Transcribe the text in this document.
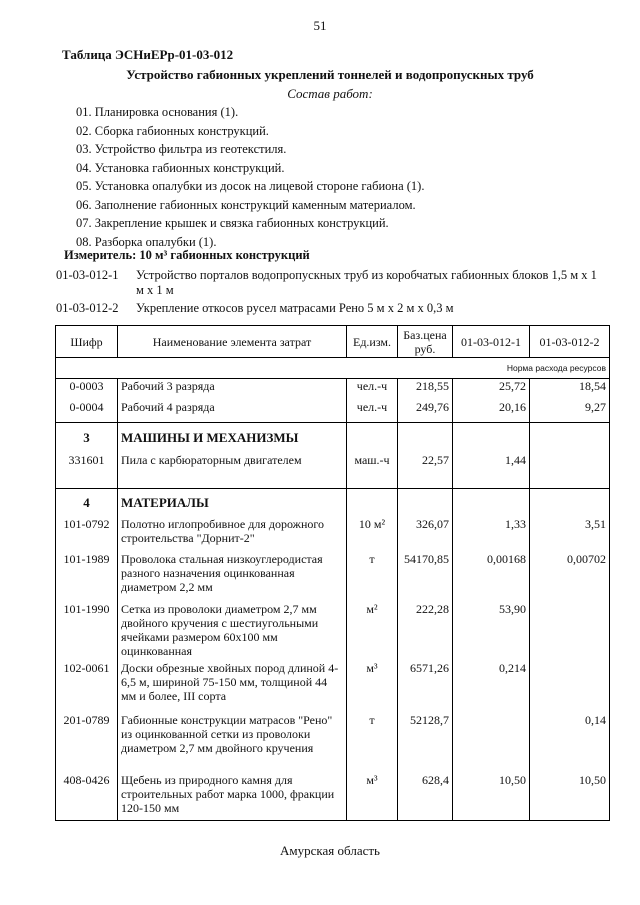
51
Таблица ЭСНиЕРр-01-03-012
Устройство габионных укреплений тоннелей и водопропускных труб
Состав работ:
01. Планировка основания (1).
02. Сборка габионных конструкций.
03. Устройство фильтра из геотекстиля.
04. Установка габионных конструкций.
05. Установка опалубки из досок на лицевой стороне габиона (1).
06. Заполнение габионных конструкций каменным материалом.
07. Закрепление крышек и связка габионных конструкций.
08. Разборка опалубки (1).
Измеритель: 10 м³ габионных конструкций
01-03-012-1 Устройство порталов водопропускных труб из коробчатых габионных блоков 1,5 м х 1 м х 1 м
01-03-012-2 Укрепление откосов русел матрасами Рено 5 м х 2 м х 0,3 м
Шифр	Наименование элемента затрат	Ед.изм.	Баз.цена руб.	01-03-012-1	01-03-012-2
Норма расхода ресурсов					
0-0003	Рабочий 3 разряда	чел.-ч	218,55	25,72	18,54
0-0004	Рабочий 4 разряда	чел.-ч	249,76	20,16	9,27
3	МАШИНЫ И МЕХАНИЗМЫ				
331601	Пила с карбюраторным двигателем	маш.-ч	22,57	1,44	
4	МАТЕРИАЛЫ				
101-0792	Полотно иглопробивное для дорожного строительства "Дорнит-2"	10 м²	326,07	1,33	3,51
101-1989	Проволока стальная низкоуглеродистая разного назначения оцинкованная диаметром 2,2 мм	т	54170,85	0,00168	0,00702
101-1990	Сетка из проволоки диаметром 2,7 мм двойного кручения с шестиугольными ячейками размером 60х100 мм оцинкованная	м²	222,28	53,90	
102-0061	Доски обрезные хвойных пород длиной 4-6,5 м, шириной 75-150 мм, толщиной 44 мм и более, III сорта	м³	6571,26	0,214	
201-0789	Габионные конструкции матрасов "Рено" из оцинкованной сетки из проволоки диаметром 2,7 мм двойного кручения	т	52128,7		0,14
408-0426	Щебень из природного камня для строительных работ марка 1000, фракции 120-150 мм	м³	628,4	10,50	10,50
Амурская область
